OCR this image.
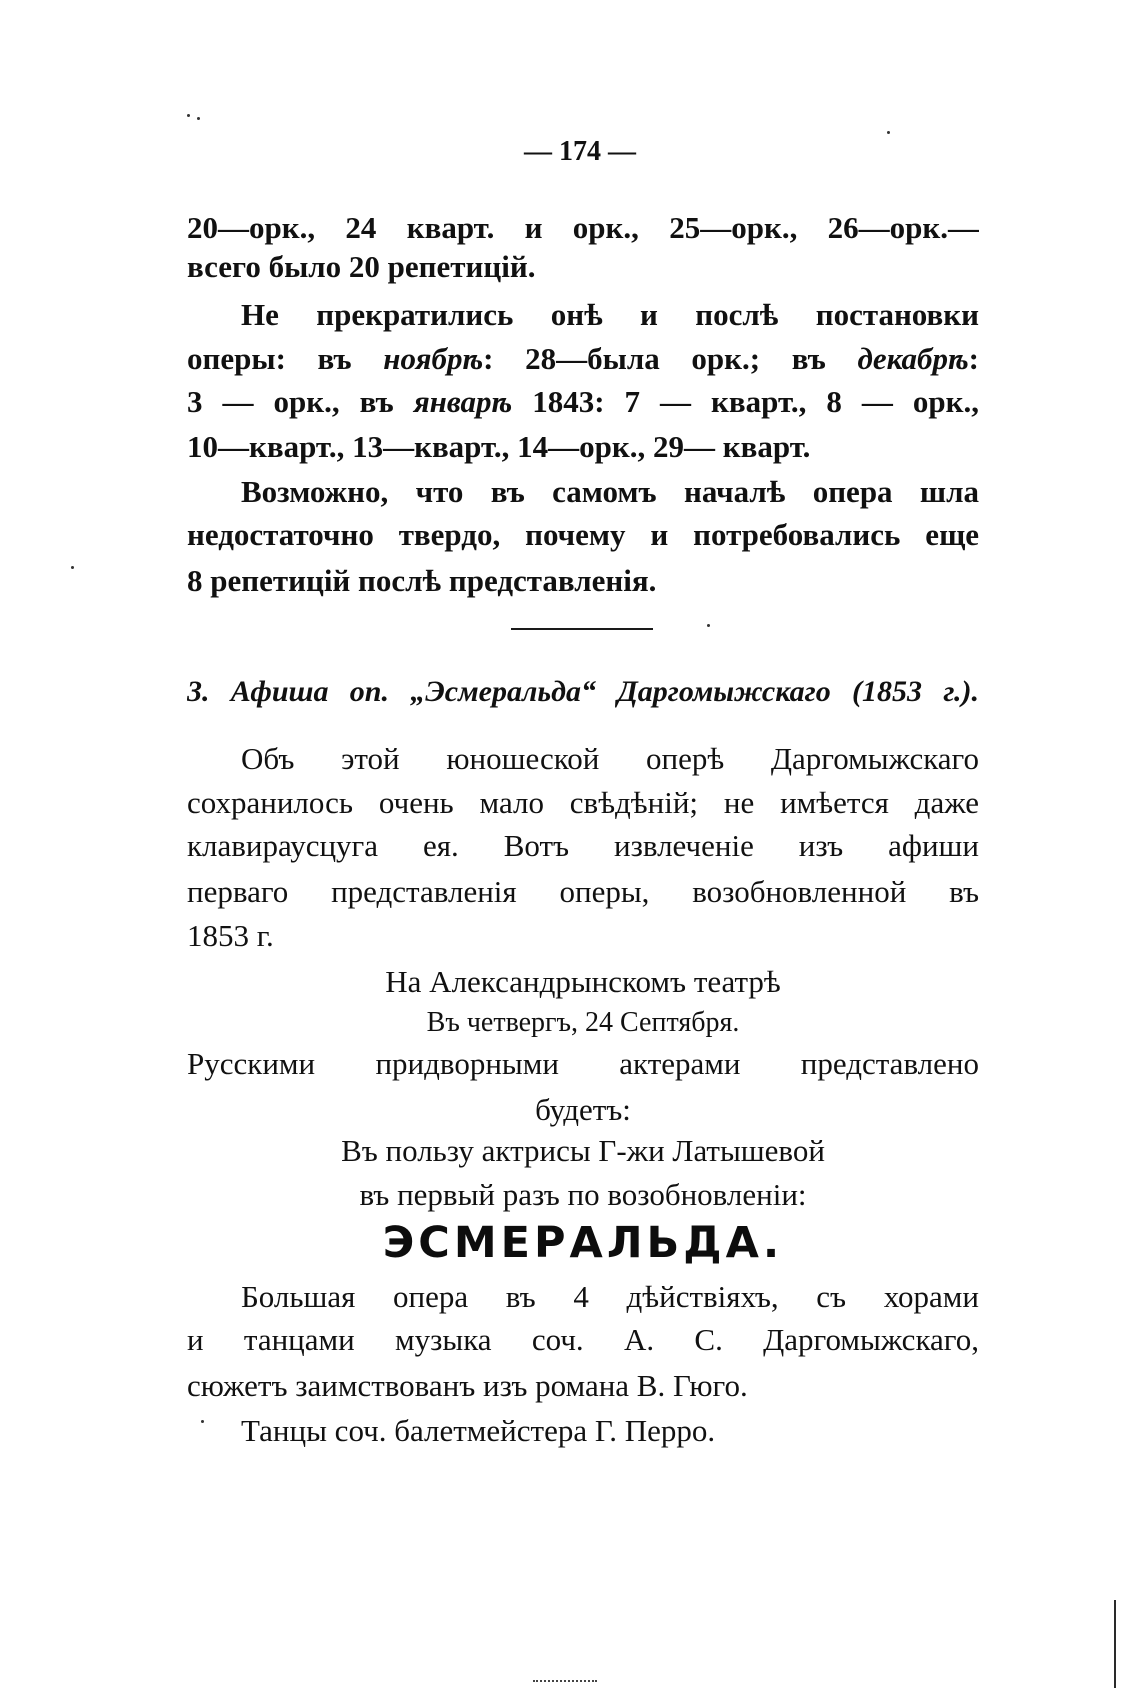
— 174 —
20—орк., 24 кварт. и орк., 25—орк., 26—орк.—
всего было 20 репетицій.
Не прекратились онѣ и послѣ постановки
оперы: въ ноябрѣ: 28—была орк.; въ декабрѣ:
3 — орк., въ январѣ 1843: 7 — кварт., 8 — орк.,
10—кварт., 13—кварт., 14—орк., 29— кварт.
Возможно, что въ самомъ началѣ опера шла
недостаточно твердо, почему и потребовались еще
8 репетицій послѣ представленія.
3. Афиша оп. „Эсмеральда“ Даргомыжскаго (1853 г.).
Объ этой юношеской оперѣ Даргомыжскаго
сохранилось очень мало свѣдѣній; не имѣется даже
клавираусцуга ея. Вотъ извлеченіе изъ афиши
перваго представленія оперы, возобновленной въ
1853 г.
На Александрынскомъ театрѣ
Въ четвергъ, 24 Септября.
Русскими придворными актерами представлено
будетъ:
Въ пользу актрисы Г-жи Латышевой
въ первый разъ по возобновленіи:
ЭСМЕРАЛЬДА.
Большая опера въ 4 дѣйствіяхъ, съ хорами
и танцами музыка соч. А. С. Даргомыжскаго,
сюжетъ заимствованъ изъ романа В. Гюго.
Танцы соч. балетмейстера Г. Перро.
